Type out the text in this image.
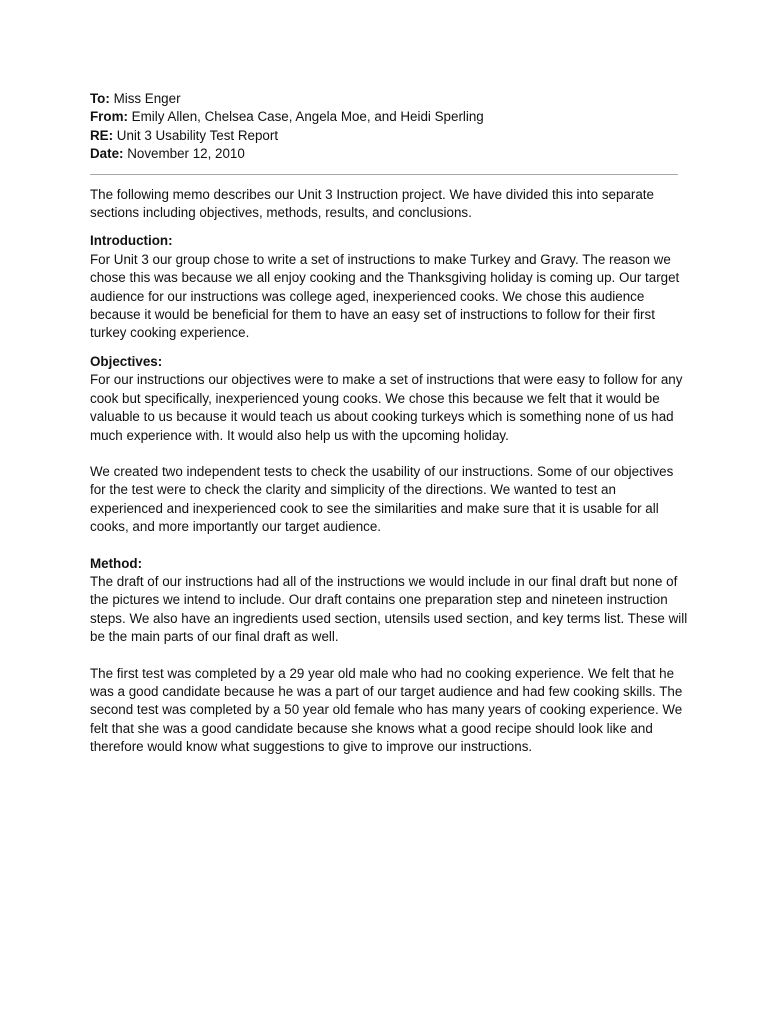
To: Miss Enger
From: Emily Allen, Chelsea Case, Angela Moe, and Heidi Sperling
RE: Unit 3 Usability Test Report
Date: November 12, 2010

The following memo describes our Unit 3 Instruction project. We have divided this into separate sections including objectives, methods, results, and conclusions.

Introduction:

For Unit 3 our group chose to write a set of instructions to make Turkey and Gravy. The reason we chose this was because we all enjoy cooking and the Thanksgiving holiday is coming up. Our target audience for our instructions was college aged, inexperienced cooks. We chose this audience because it would be beneficial for them to have an easy set of instructions to follow for their first turkey cooking experience.

Objectives:

For our instructions our objectives were to make a set of instructions that were easy to follow for any cook but specifically, inexperienced young cooks. We chose this because we felt that it would be valuable to us because it would teach us about cooking turkeys which is something none of us had much experience with. It would also help us with the upcoming holiday.

We created two independent tests to check the usability of our instructions. Some of our objectives for the test were to check the clarity and simplicity of the directions. We wanted to test an experienced and inexperienced cook to see the similarities and make sure that it is usable for all cooks, and more importantly our target audience.

Method:

The draft of our instructions had all of the instructions we would include in our final draft but none of the pictures we intend to include. Our draft contains one preparation step and nineteen instruction steps. We also have an ingredients used section, utensils used section, and key terms list. These will be the main parts of our final draft as well.

The first test was completed by a 29 year old male who had no cooking experience. We felt that he was a good candidate because he was a part of our target audience and had few cooking skills. The second test was completed by a 50 year old female who has many years of cooking experience. We felt that she was a good candidate because she knows what a good recipe should look like and therefore would know what suggestions to give to improve our instructions.
